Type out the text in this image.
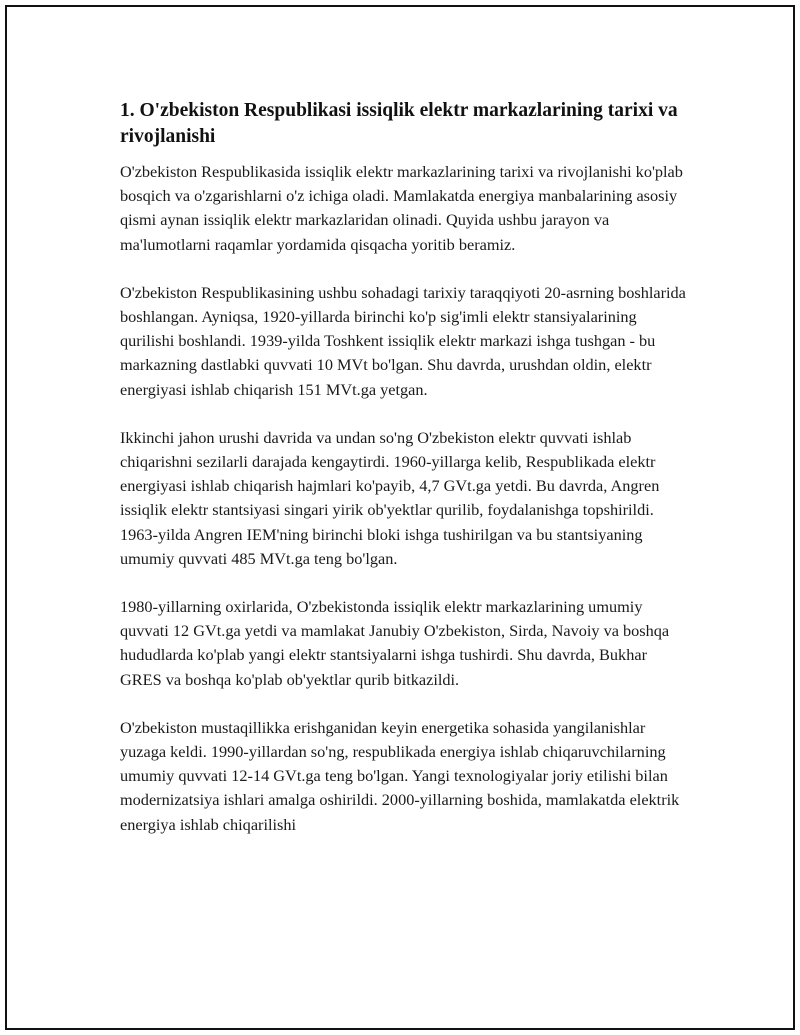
1. O'zbekiston Respublikasi issiqlik elektr markazlarining tarixi va rivojlanishi

O'zbekiston Respublikasida issiqlik elektr markazlarining tarixi va rivojlanishi ko'plab bosqich va o'zgarishlarni o'z ichiga oladi. Mamlakatda energiya manbalarining asosiy qismi aynan issiqlik elektr markazlaridan olinadi. Quyida ushbu jarayon va ma'lumotlarni raqamlar yordamida qisqacha yoritib beramiz.

O'zbekiston Respublikasining ushbu sohadagi tarixiy taraqqiyoti 20-asrning boshlarida boshlangan. Ayniqsa, 1920-yillarda birinchi ko'p sig'imli elektr stansiyalarining qurilishi boshlandi. 1939-yilda Toshkent issiqlik elektr markazi ishga tushgan - bu markazning dastlabki quvvati 10 MVt bo'lgan. Shu davrda, urushdan oldin, elektr energiyasi ishlab chiqarish 151 MVt.ga yetgan.

Ikkinchi jahon urushi davrida va undan so'ng O'zbekiston elektr quvvati ishlab chiqarishni sezilarli darajada kengaytirdi. 1960-yillarga kelib, Respublikada elektr energiyasi ishlab chiqarish hajmlari ko'payib, 4,7 GVt.ga yetdi. Bu davrda, Angren issiqlik elektr stantsiyasi singari yirik ob'yektlar qurilib, foydalanishga topshirildi. 1963-yilda Angren IEM'ning birinchi bloki ishga tushirilgan va bu stantsiyaning umumiy quvvati 485 MVt.ga teng bo'lgan.

1980-yillarning oxirlarida, O'zbekistonda issiqlik elektr markazlarining umumiy quvvati 12 GVt.ga yetdi va mamlakat Janubiy O'zbekiston, Sirda, Navoiy va boshqa hududlarda ko'plab yangi elektr stantsiyalarni ishga tushirdi. Shu davrda, Bukhar GRES va boshqa ko'plab ob'yektlar qurib bitkazildi.

O'zbekiston mustaqillikka erishganidan keyin energetika sohasida yangilanishlar yuzaga keldi. 1990-yillardan so'ng, respublikada energiya ishlab chiqaruvchilarning umumiy quvvati 12-14 GVt.ga teng bo'lgan. Yangi texnologiyalar joriy etilishi bilan modernizatsiya ishlari amalga oshirildi. 2000-yillarning boshida, mamlakatda elektrik energiya ishlab chiqarilishi
